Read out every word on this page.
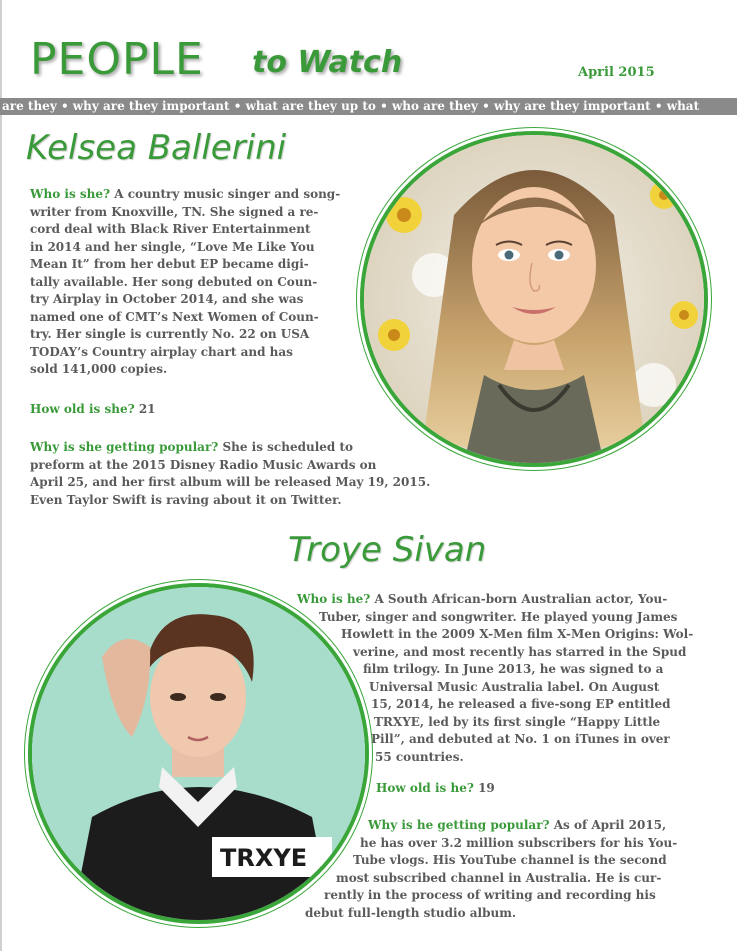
PEOPLE to Watch	April 2015
are they • why are they important • what are they up to • who are they • why are they important • what
Kelsea Ballerini
Who is she? A country music singer and song-
writer from Knoxville, TN. She signed a re-
cord deal with Black River Entertainment
in 2014 and her single, “Love Me Like You
Mean It” from her debut EP became digi-
tally available. Her song debuted on Coun-
try Airplay in October 2014, and she was
named one of CMT’s Next Women of Coun-
try. Her single is currently No. 22 on USA
TODAY’s Country airplay chart and has
sold 141,000 copies.
How old is she? 21
Why is she getting popular? She is scheduled to
preform at the 2015 Disney Radio Music Awards on
April 25, and her first album will be released May 19, 2015.
Even Taylor Swift is raving about it on Twitter.
Troye Sivan
TRXYE
Who is he? A South African-born Australian actor, You-
Tuber, singer and songwriter. He played young James
Howlett in the 2009 X-Men film X-Men Origins: Wol-
verine, and most recently has starred in the Spud
film trilogy. In June 2013, he was signed to a
Universal Music Australia label. On August
15, 2014, he released a five-song EP entitled
TRXYE, led by its first single “Happy Little
Pill”, and debuted at No. 1 on iTunes in over
55 countries.
How old is he? 19
Why is he getting popular? As of April 2015,
he has over 3.2 million subscribers for his You-
Tube vlogs. His YouTube channel is the second
most subscribed channel in Australia. He is cur-
rently in the process of writing and recording his
debut full-length studio album.
